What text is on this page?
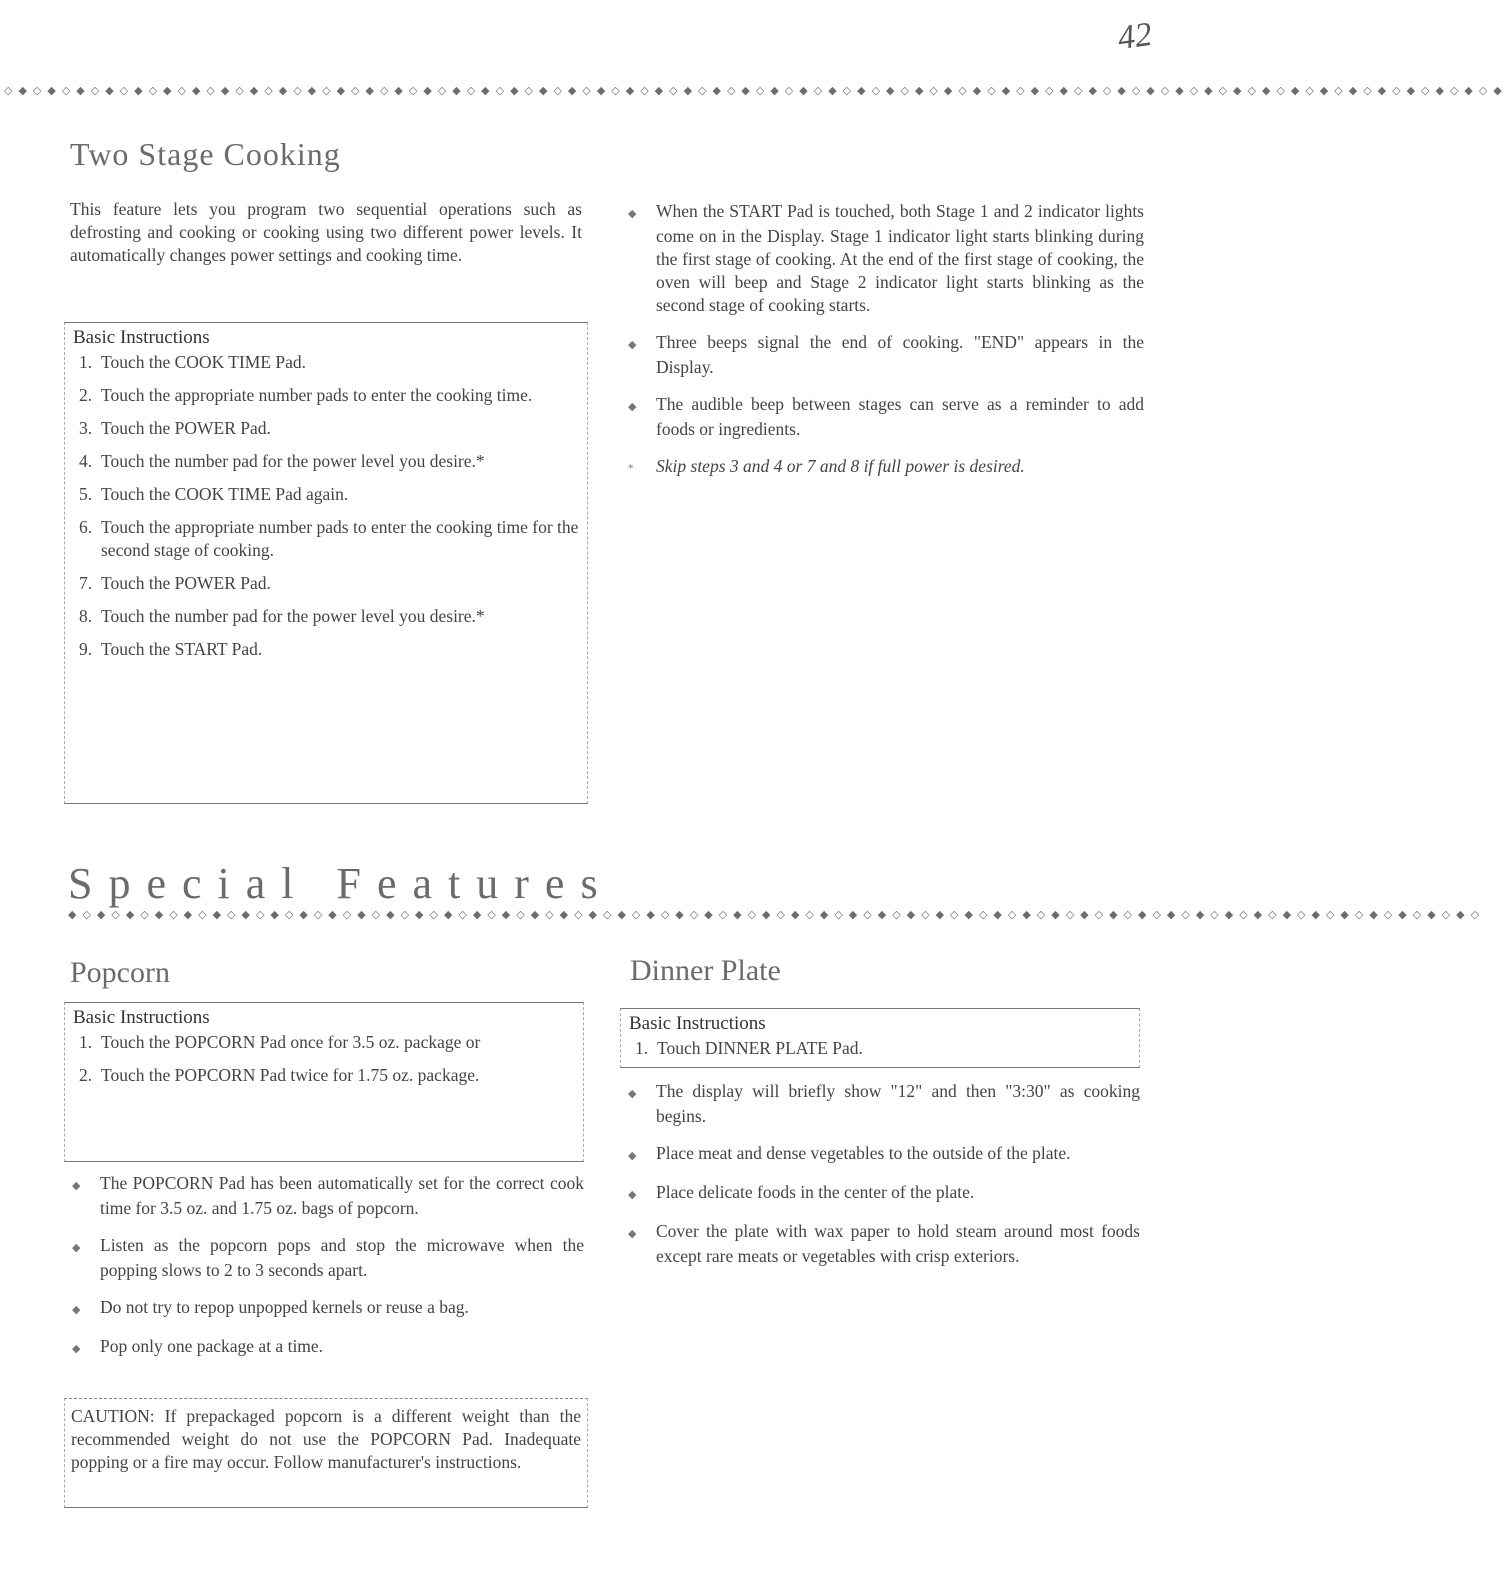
42
◇◆◇◆◇◆◇◆◇◆◇◆◇◆◇◆◇◆◇◆◇◆◇◆◇◆◇◆◇◆◇◆◇◆◇◆◇◆◇◆◇◆◇◆◇◆◇◆◇◆◇◆◇◆◇◆◇◆◇◆◇◆◇◆◇◆◇◆◇◆◇◆◇◆◇◆◇◆◇◆◇◆◇◆◇◆◇◆◇◆◇◆◇◆◇◆◇◆◇◆◇◆◇◆
Two Stage Cooking

This feature lets you program two sequential operations such as defrosting and cooking or cooking using two different power levels. It automatically changes power settings and cooking time.

Basic Instructions
1. Touch the COOK TIME Pad.
2. Touch the appropriate number pads to enter the cooking time.
3. Touch the POWER Pad.
4. Touch the number pad for the power level you desire.*
5. Touch the COOK TIME Pad again.
6. Touch the appropriate number pads to enter the cooking time for the second stage of cooking.
7. Touch the POWER Pad.
8. Touch the number pad for the power level you desire.*
9. Touch the START Pad.
◆ When the START Pad is touched, both Stage 1 and 2 indicator lights come on in the Display. Stage 1 indicator light starts blinking during the first stage of cooking. At the end of the first stage of cooking, the oven will beep and Stage 2 indicator light starts blinking as the second stage of cooking starts.
◆ Three beeps signal the end of cooking. "END" appears in the Display.
◆ The audible beep between stages can serve as a reminder to add foods or ingredients.
* Skip steps 3 and 4 or 7 and 8 if full power is desired.
Special Features
◆◇◆◇◆◇◆◇◆◇◆◇◆◇◆◇◆◇◆◇◆◇◆◇◆◇◆◇◆◇◆◇◆◇◆◇◆◇◆◇◆◇◆◇◆◇◆◇◆◇◆◇◆◇◆◇◆◇◆◇◆◇◆◇◆◇◆◇◆◇◆◇◆◇◆◇◆◇◆◇◆◇◆◇◆◇◆◇◆◇◆◇◆◇◆◇◆◇
Popcorn
Basic Instructions
1. Touch the POPCORN Pad once for 3.5 oz. package or
2. Touch the POPCORN Pad twice for 1.75 oz. package.
◆ The POPCORN Pad has been automatically set for the correct cook time for 3.5 oz. and 1.75 oz. bags of popcorn.
◆ Listen as the popcorn pops and stop the microwave when the popping slows to 2 to 3 seconds apart.
◆ Do not try to repop unpopped kernels or reuse a bag.
◆ Pop only one package at a time.
CAUTION: If prepackaged popcorn is a different weight than the recommended weight do not use the POPCORN Pad. Inadequate popping or a fire may occur. Follow manufacturer's instructions.
Dinner Plate
Basic Instructions
1. Touch DINNER PLATE Pad.
◆ The display will briefly show "12" and then "3:30" as cooking begins.
◆ Place meat and dense vegetables to the outside of the plate.
◆ Place delicate foods in the center of the plate.
◆ Cover the plate with wax paper to hold steam around most foods except rare meats or vegetables with crisp exteriors.
